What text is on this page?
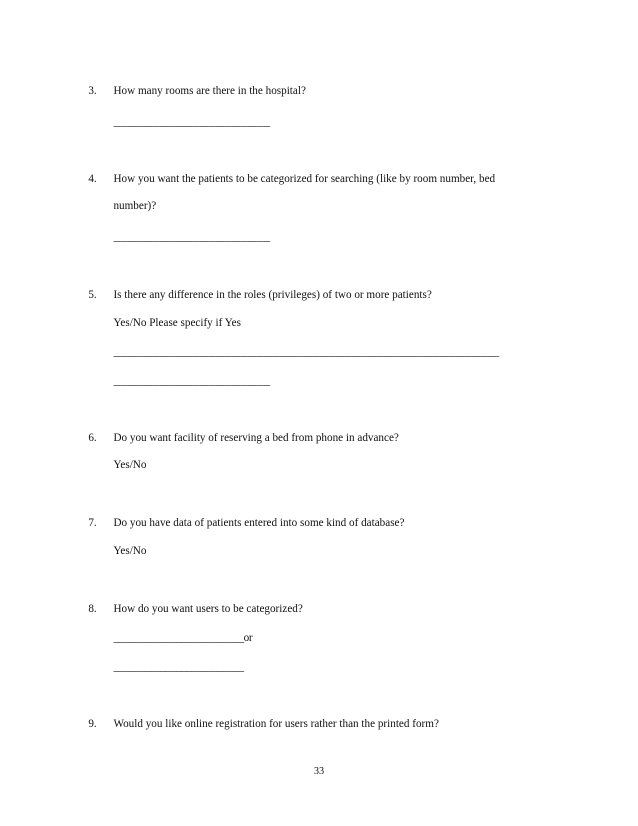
3. How many rooms are there in the hospital?
______________________________
4. How you want the patients to be categorized for searching (like by room number, bed
number)?
______________________________
5. Is there any difference in the roles (privileges) of two or more patients?
Yes/No Please specify if Yes
__________________________________________________________________________
______________________________
6. Do you want facility of reserving a bed from phone in advance?
Yes/No
7. Do you have data of patients entered into some kind of database?
Yes/No
8. How do you want users to be categorized?
_________________________or
_________________________
9. Would you like online registration for users rather than the printed form?
33
